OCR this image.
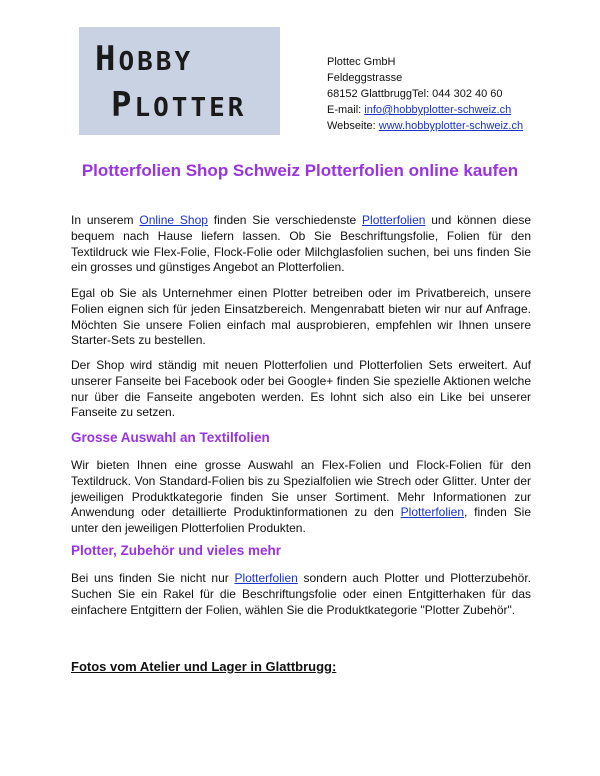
HOBBY
PLOTTER
Plottec GmbH
Feldeggstrasse
68152 GlattbruggTel: 044 302 40 60
E-mail: info@hobbyplotter-schweiz.ch
Webseite: www.hobbyplotter-schweiz.ch
Plotterfolien Shop Schweiz Plotterfolien online kaufen
In unserem Online Shop finden Sie verschiedenste Plotterfolien und können diese bequem nach Hause liefern lassen. Ob Sie Beschriftungsfolie, Folien für den Textildruck wie Flex-Folie, Flock-Folie oder Milchglasfolien suchen, bei uns finden Sie ein grosses und günstiges Angebot an Plotterfolien.
Egal ob Sie als Unternehmer einen Plotter betreiben oder im Privatbereich, unsere Folien eignen sich für jeden Einsatzbereich. Mengenrabatt bieten wir nur auf Anfrage. Möchten Sie unsere Folien einfach mal ausprobieren, empfehlen wir Ihnen unsere Starter-Sets zu bestellen.
Der Shop wird ständig mit neuen Plotterfolien und Plotterfolien Sets erweitert. Auf unserer Fanseite bei Facebook oder bei Google+ finden Sie spezielle Aktionen welche nur über die Fanseite angeboten werden. Es lohnt sich also ein Like bei unserer Fanseite zu setzen.
Grosse Auswahl an Textilfolien
Wir bieten Ihnen eine grosse Auswahl an Flex-Folien und Flock-Folien für den Textildruck. Von Standard-Folien bis zu Spezialfolien wie Strech oder Glitter. Unter der jeweiligen Produktkategorie finden Sie unser Sortiment. Mehr Informationen zur Anwendung oder detaillierte Produktinformationen zu den Plotterfolien, finden Sie unter den jeweiligen Plotterfolien Produkten.
Plotter, Zubehör und vieles mehr
Bei uns finden Sie nicht nur Plotterfolien sondern auch Plotter und Plotterzubehör. Suchen Sie ein Rakel für die Beschriftungsfolie oder einen Entgitterhaken für das einfachere Entgittern der Folien, wählen Sie die Produktkategorie "Plotter Zubehör".
Fotos vom Atelier und Lager in Glattbrugg:
